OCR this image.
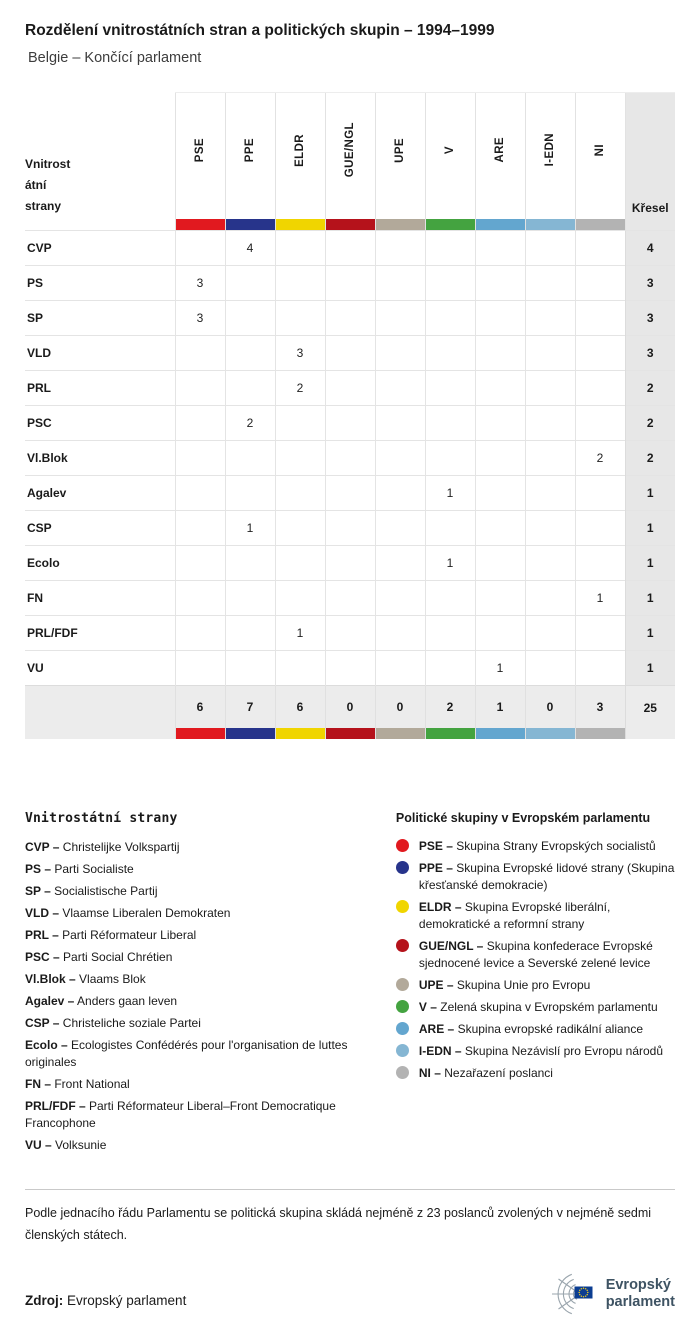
Rozdělení vnitrostátních stran a politických skupin – 1994–1999
Belgie – Končící parlament
Vnitrost
átní
strany	PSE	PPE	ELDR	GUE/NGL	UPE	V	ARE	I-EDN	NI	Křesel

CVP		4								4
PS	3									3
SP	3									3
VLD			3							3
PRL			2							2
PSC		2								2
Vl.Blok									2	2
Agalev						1				1
CSP		1								1
Ecolo						1				1
FN									1	1
PRL/FDF			1							1
VU							1			1

6	7	6	0	0	2	1	0	3	25
Vnitrostátní strany
CVP – Christelijke Volkspartij
PS – Parti Socialiste
SP – Socialistische Partij
VLD – Vlaamse Liberalen Demokraten
PRL – Parti Réformateur Liberal
PSC – Parti Social Chrétien
Vl.Blok – Vlaams Blok
Agalev – Anders gaan leven
CSP – Christeliche soziale Partei
Ecolo – Ecologistes Confédérés pour l'organisation de luttes originales
FN – Front National
PRL/FDF – Parti Réformateur Liberal–Front Democratique Francophone
VU – Volksunie
Politické skupiny v Evropském parlamentu
PSE – Skupina Strany Evropských socialistů
PPE – Skupina Evropské lidové strany (Skupina křesťanské demokracie)
ELDR – Skupina Evropské liberální, demokratické a reformní strany
GUE/NGL – Skupina konfederace Evropské sjednocené levice a Severské zelené levice
UPE – Skupina Unie pro Evropu
V – Zelená skupina v Evropském parlamentu
ARE – Skupina evropské radikální aliance
I-EDN – Skupina Nezávislí pro Evropu národů
NI – Nezařazení poslanci
Podle jednacího řádu Parlamentu se politická skupina skládá nejméně z 23 poslanců zvolených v nejméně sedmi členských státech.
Zdroj: Evropský parlament
Evropský
parlament
